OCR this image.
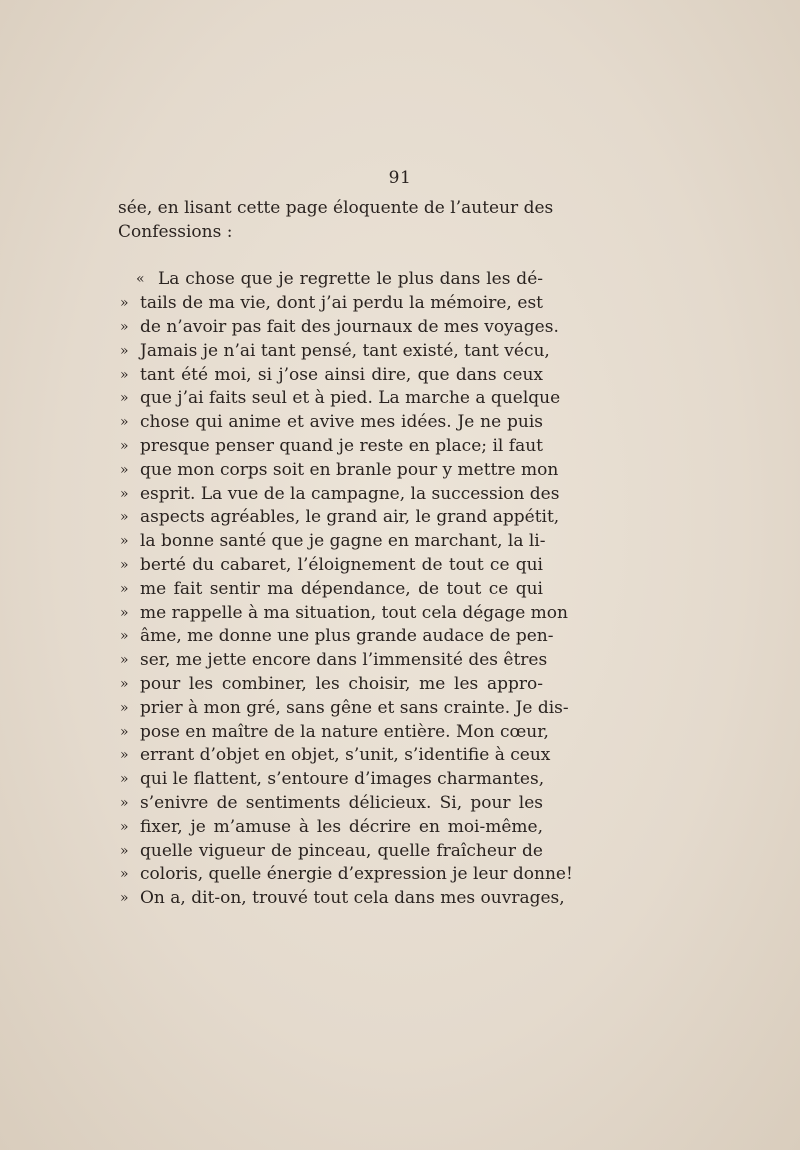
91
sée, en lisant cette page éloquente de l’auteur des
Confessions :
« La chose que je regrette le plus dans les dé-
» tails de ma vie, dont j’ai perdu la mémoire, est
» de n’avoir pas fait des journaux de mes voyages.
» Jamais je n’ai tant pensé, tant existé, tant vécu,
» tant été moi, si j’ose ainsi dire, que dans ceux
» que j’ai faits seul et à pied. La marche a quelque
» chose qui anime et avive mes idées. Je ne puis
» presque penser quand je reste en place; il faut
» que mon corps soit en branle pour y mettre mon
» esprit. La vue de la campagne, la succession des
» aspects agréables, le grand air, le grand appétit,
» la bonne santé que je gagne en marchant, la li-
» berté du cabaret, l’éloignement de tout ce qui
» me fait sentir ma dépendance, de tout ce qui
» me rappelle à ma situation, tout cela dégage mon
» âme, me donne une plus grande audace de pen-
» ser, me jette encore dans l’immensité des êtres
» pour les combiner, les choisir, me les appro-
» prier à mon gré, sans gêne et sans crainte. Je dis-
» pose en maître de la nature entière. Mon cœur,
» errant d’objet en objet, s’unit, s’identifie à ceux
» qui le flattent, s’entoure d’images charmantes,
» s’enivre de sentiments délicieux. Si, pour les
» fixer, je m’amuse à les décrire en moi-même,
» quelle vigueur de pinceau, quelle fraîcheur de
» coloris, quelle énergie d’expression je leur donne!
» On a, dit-on, trouvé tout cela dans mes ouvrages,
